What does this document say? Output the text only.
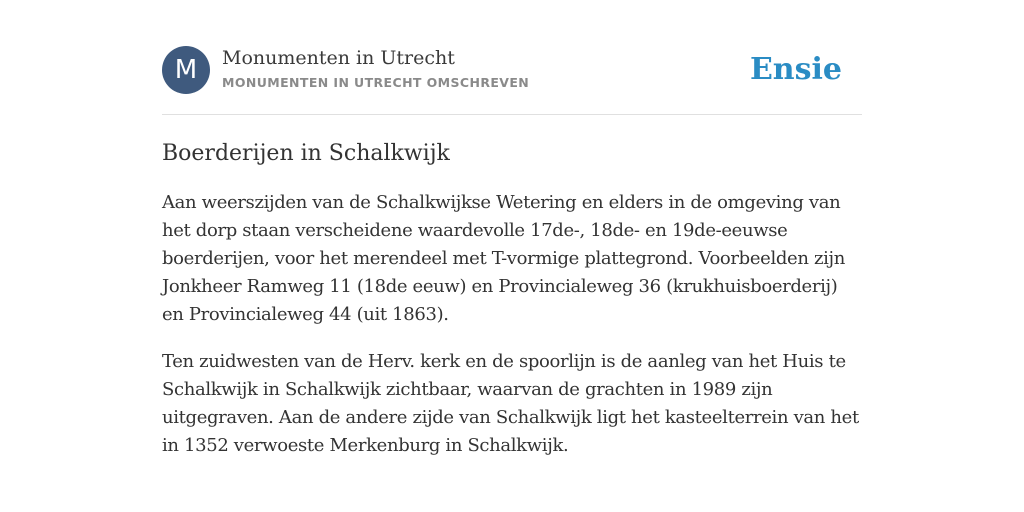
M	Monumenten in Utrecht
MONUMENTEN IN UTRECHT OMSCHREVEN	Ensie
Boerderijen in Schalkwijk

Aan weerszijden van de Schalkwijkse Wetering en elders in de omgeving van het dorp staan verscheidene waardevolle 17de-, 18de- en 19de-eeuwse boerderijen, voor het merendeel met T-vormige plattegrond. Voorbeelden zijn Jonkheer Ramweg 11 (18de eeuw) en Provincialeweg 36 (krukhuisboerderij) en Provincialeweg 44 (uit 1863).

Ten zuidwesten van de Herv. kerk en de spoorlijn is de aanleg van het Huis te Schalkwijk in Schalkwijk zichtbaar, waarvan de grachten in 1989 zijn uitgegraven. Aan de andere zijde van Schalkwijk ligt het kasteelterrein van het in 1352 verwoeste Merkenburg in Schalkwijk.
